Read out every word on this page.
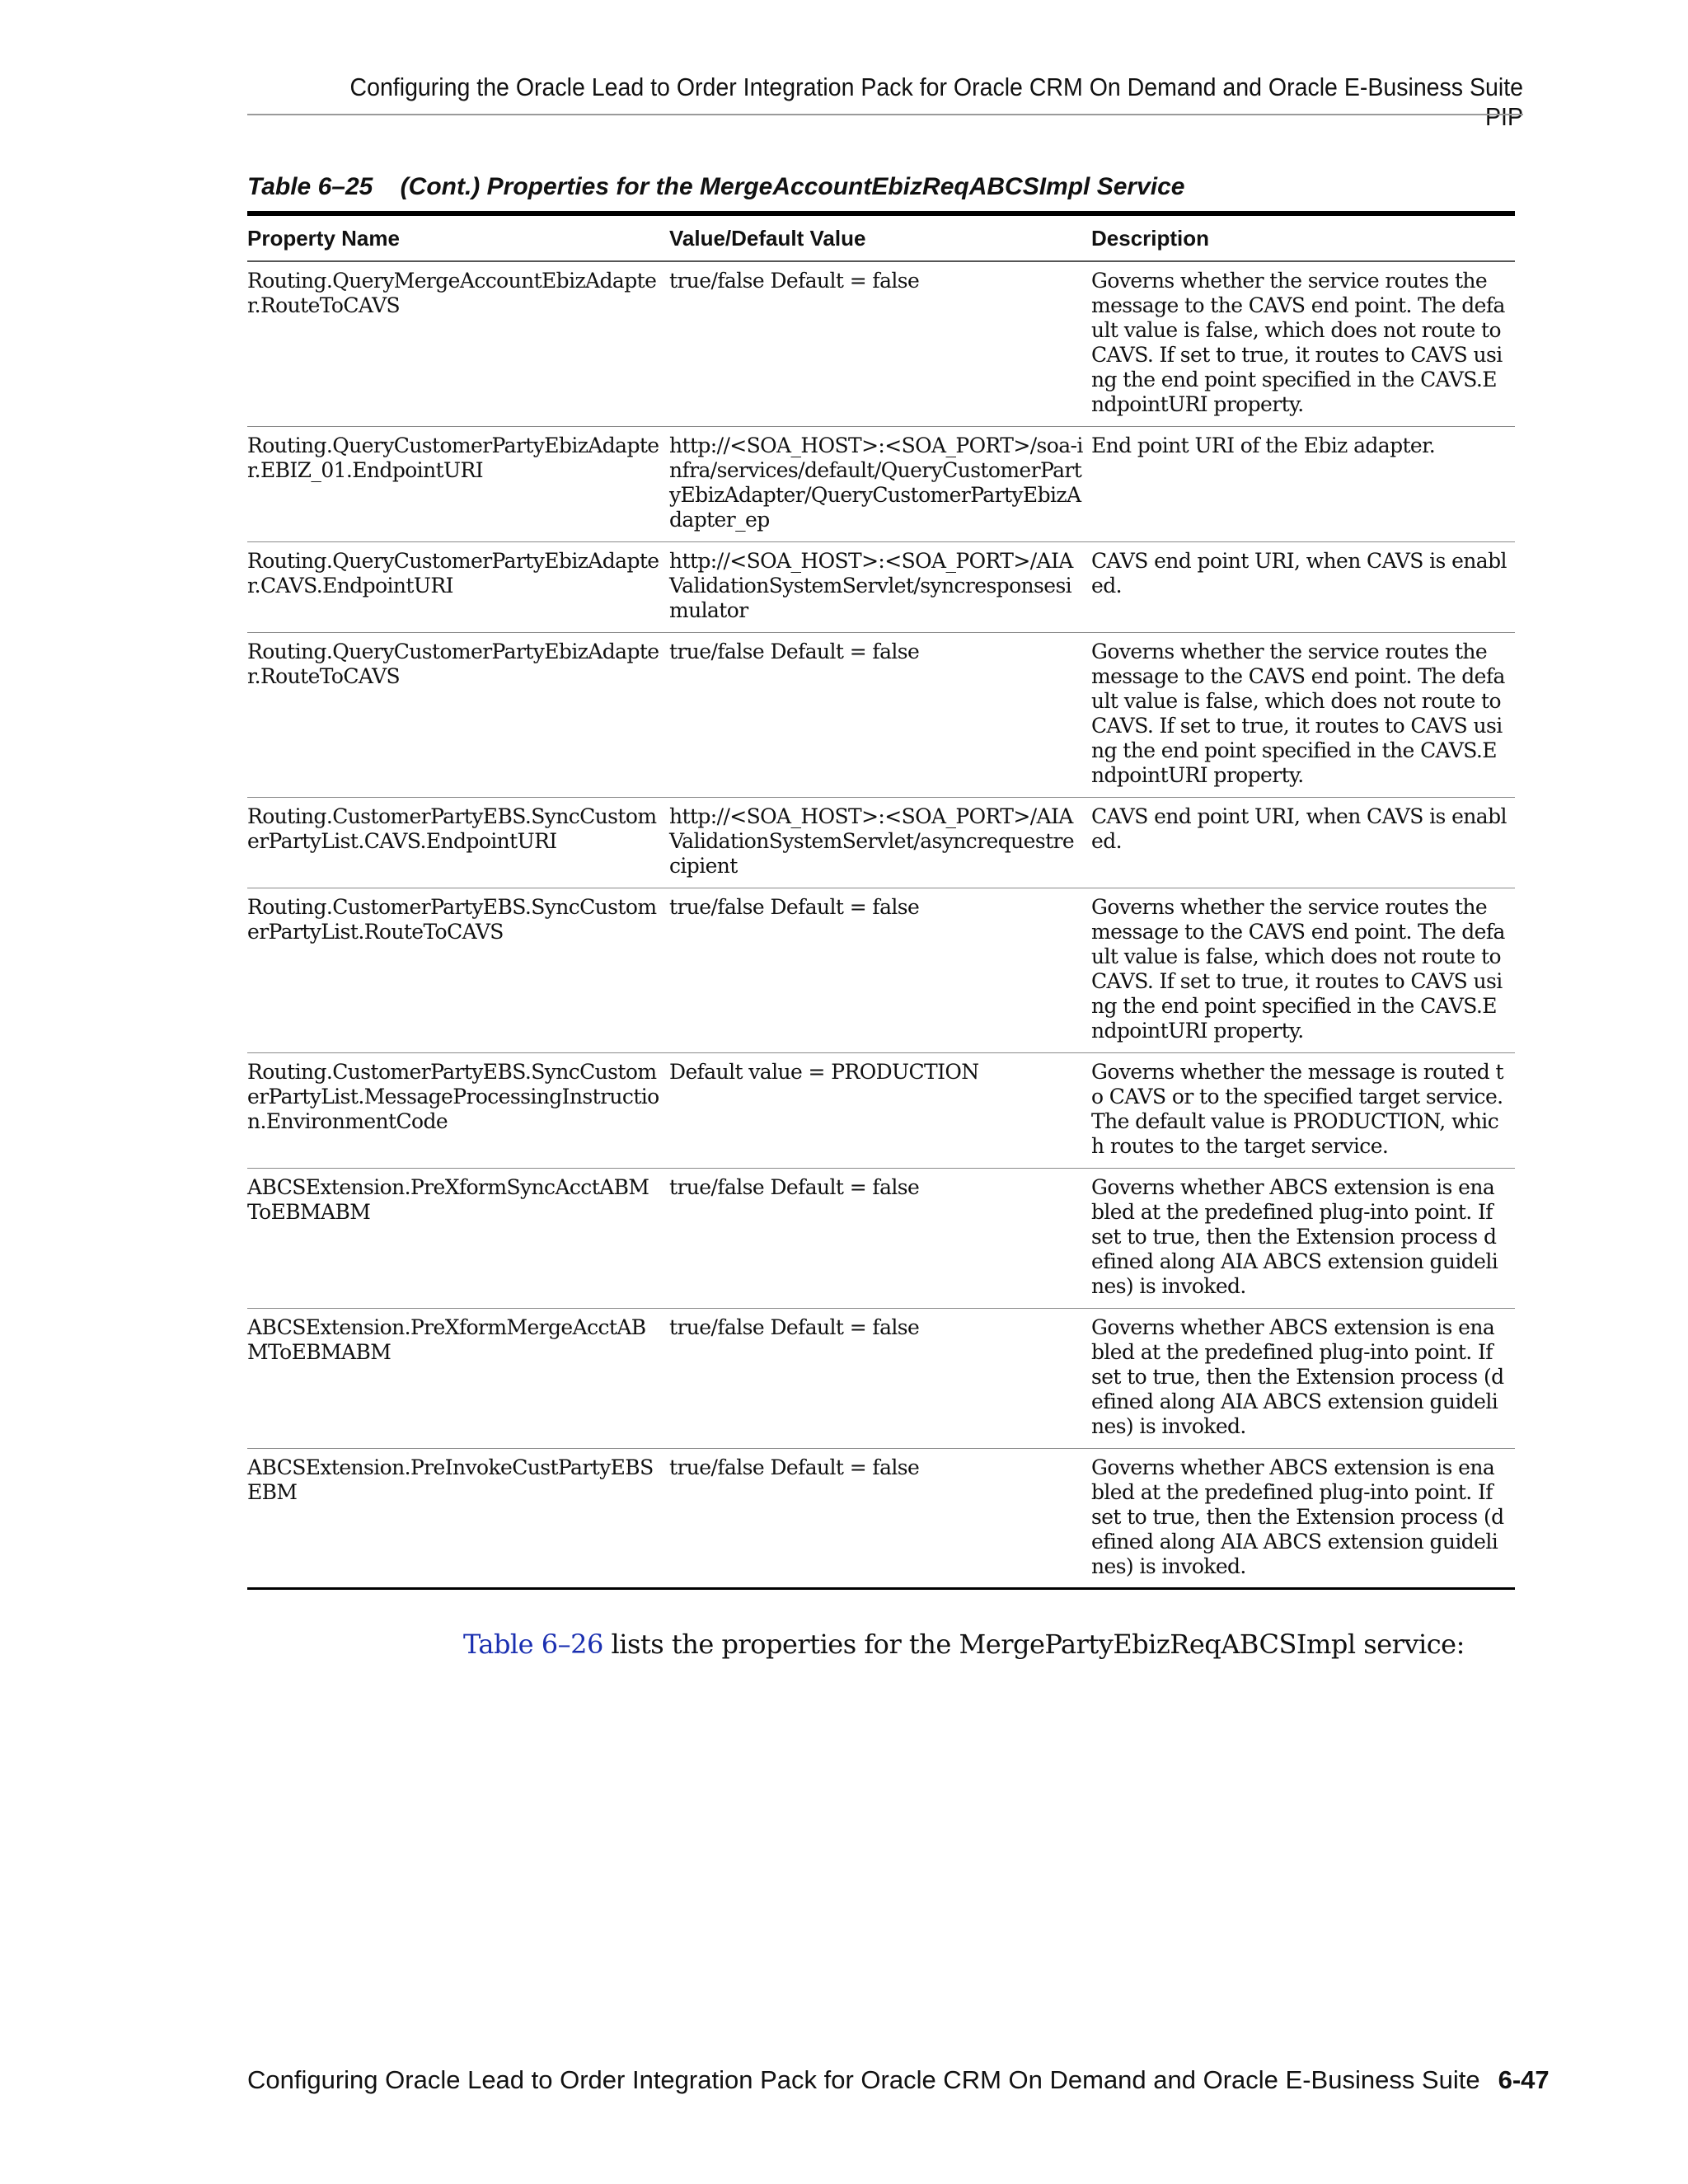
Configuring the Oracle Lead to Order Integration Pack for Oracle CRM On Demand and Oracle E-Business Suite PIP
Table 6–25 (Cont.) Properties for the MergeAccountEbizReqABCSImpl Service
Property Name	Value/Default Value	Description
Routing.QueryMergeAccountEbizAdapter.RouteToCAVS	true/false Default = false	Governs whether the service routes the message to the CAVS end point. The default value is false, which does not route to CAVS. If set to true, it routes to CAVS using the end point specified in the CAVS.EndpointURI property.
Routing.QueryCustomerPartyEbizAdapter.EBIZ_01.EndpointURI	http://<SOA_HOST>:<SOA_PORT>/soa-infra/services/default/QueryCustomerPartyEbizAdapter/QueryCustomerPartyEbizAdapter_ep	End point URI of the Ebiz adapter.
Routing.QueryCustomerPartyEbizAdapter.CAVS.EndpointURI	http://<SOA_HOST>:<SOA_PORT>/AIAValidationSystemServlet/syncresponsesimulator	CAVS end point URI, when CAVS is enabled.
Routing.QueryCustomerPartyEbizAdapter.RouteToCAVS	true/false Default = false	Governs whether the service routes the message to the CAVS end point. The default value is false, which does not route to CAVS. If set to true, it routes to CAVS using the end point specified in the CAVS.EndpointURI property.
Routing.CustomerPartyEBS.SyncCustomerPartyList.CAVS.EndpointURI	http://<SOA_HOST>:<SOA_PORT>/AIAValidationSystemServlet/asyncrequestrecipient	CAVS end point URI, when CAVS is enabled.
Routing.CustomerPartyEBS.SyncCustomerPartyList.RouteToCAVS	true/false Default = false	Governs whether the service routes the message to the CAVS end point. The default value is false, which does not route to CAVS. If set to true, it routes to CAVS using the end point specified in the CAVS.EndpointURI property.
Routing.CustomerPartyEBS.SyncCustomerPartyList.MessageProcessingInstruction.EnvironmentCode	Default value = PRODUCTION	Governs whether the message is routed to CAVS or to the specified target service. The default value is PRODUCTION, which routes to the target service.
ABCSExtension.PreXformSyncAcctABMToEBMABM	true/false Default = false	Governs whether ABCS extension is enabled at the predefined plug-into point. If set to true, then the Extension process defined along AIA ABCS extension guidelines) is invoked.
ABCSExtension.PreXformMergeAcctABMToEBMABM	true/false Default = false	Governs whether ABCS extension is enabled at the predefined plug-into point. If set to true, then the Extension process (defined along AIA ABCS extension guidelines) is invoked.
ABCSExtension.PreInvokeCustPartyEBSEBM	true/false Default = false	Governs whether ABCS extension is enabled at the predefined plug-into point. If set to true, then the Extension process (defined along AIA ABCS extension guidelines) is invoked.
Table 6–26 lists the properties for the MergePartyEbizReqABCSImpl service:
Configuring Oracle Lead to Order Integration Pack for Oracle CRM On Demand and Oracle E-Business Suite 6-47
